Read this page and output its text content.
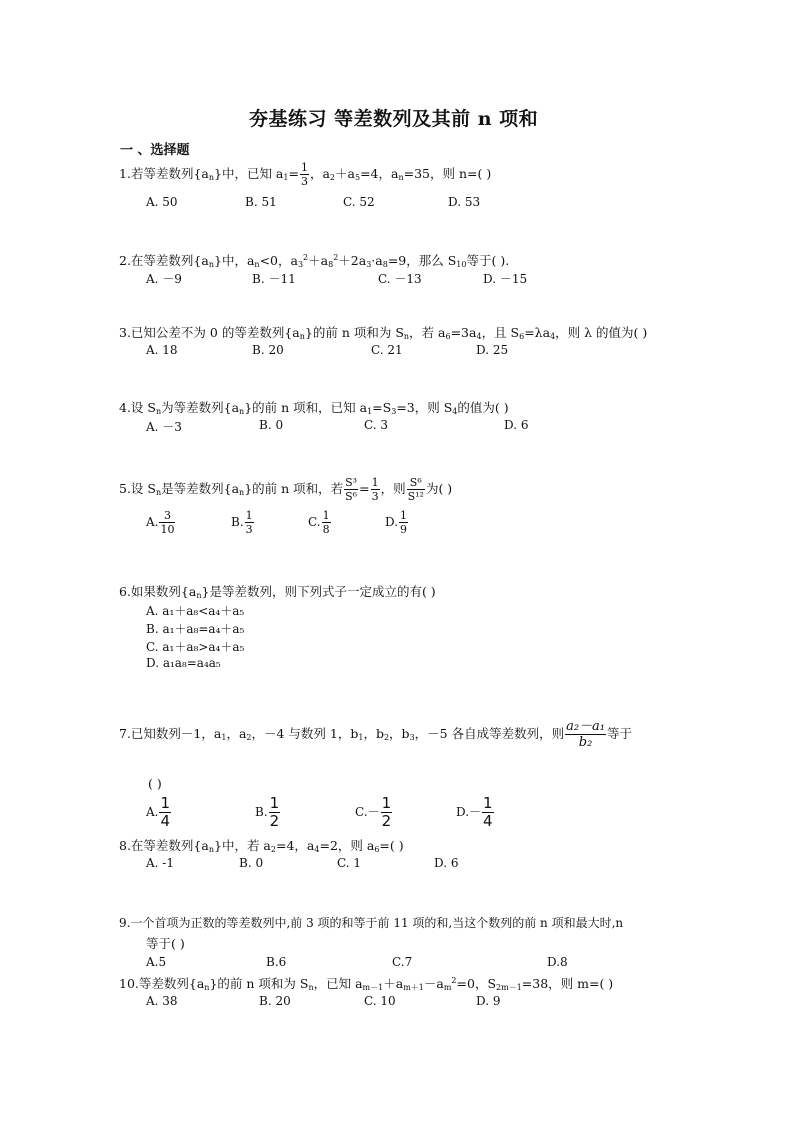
夯基练习 等差数列及其前 n 项和
一 、选择题
1.若等差数列$\{a_n\}$中，已知 $a_1= \frac{1}{3}$ ，$a_2+a_5=4$，$a_n=35$，则 n=( )
A. 50	B. 51	C. 52	D. 53
2.在等差数列$\{a_n\}$中，$a_n<0$，$a_3^2+a_8^2+2a_3\cdot a_8=9$，那么 $S_{10}$等于( ).
A. －9	B. －11	C. －13	D. －15
3.已知公差不为 0 的等差数列$\{a_n\}$的前 n 项和为 $S_n$，若 $a_6=3a_4$，且 $S_6=\lambda a_4$，则 λ 的值为( )
A. 18	B. 20	C. 21	D. 25
4.设 $S_n$为等差数列$\{a_n\}$的前 n 项和，已知 $a_1=S_3=3$，则 $S_4$的值为( )
A. －3	B. 0	C. 3	D. 6
5.设 $S_n$是等差数列$\{a_n\}$的前 n 项和，若 $\frac{\text{S³}}{\text{S⁶}} = \frac{1}{3}$ ，则 $\frac{\text{S⁶}}{\text{S¹²}}$ 为( )
A. $\frac{3}{10}$	B. $\frac{1}{3}$	C. $\frac{1}{8}$	D. $\frac{1}{9}$
6.如果数列$\{a_n\}$是等差数列，则下列式子一定成立的有( )
A. a₁＋a₈<a₄＋a₅
B. a₁＋a₈=a₄＋a₅
C. a₁＋a₈>a₄＋a₅
D. a₁a₈=a₄a₅
7.已知数列－1，$a_1$，$a_2$，－4 与数列 1，$b_1$，$b_2$，$b_3$，－5 各自成等差数列，则 $\frac{\text{a₂－a₁}}{\text{b₂}}$ 等于
( )
A. $\frac{1}{4}$	B. $\frac{1}{2}$	$C.- \frac{1}{2}$	$D.- \frac{1}{4}$
8.在等差数列$\{a_n\}$中，若 $a_2=4$，$a_4=2$，则 $a_6=$( )
A. -1	B. 0	C. 1	D. 6
9.一个首项为正数的等差数列中,前 3 项的和等于前 11 项的和,当这个数列的前 n 项和最大时,n
等于( )
A.5	B.6	C.7	D.8
10.等差数列$\{a_n\}$的前 n 项和为 $S_n$，已知 $a_{m-1}+a_{m+1}-a_m^2=0$，$S_{2m-1}=38$，则 m=( )
A. 38	B. 20	C. 10	D. 9
